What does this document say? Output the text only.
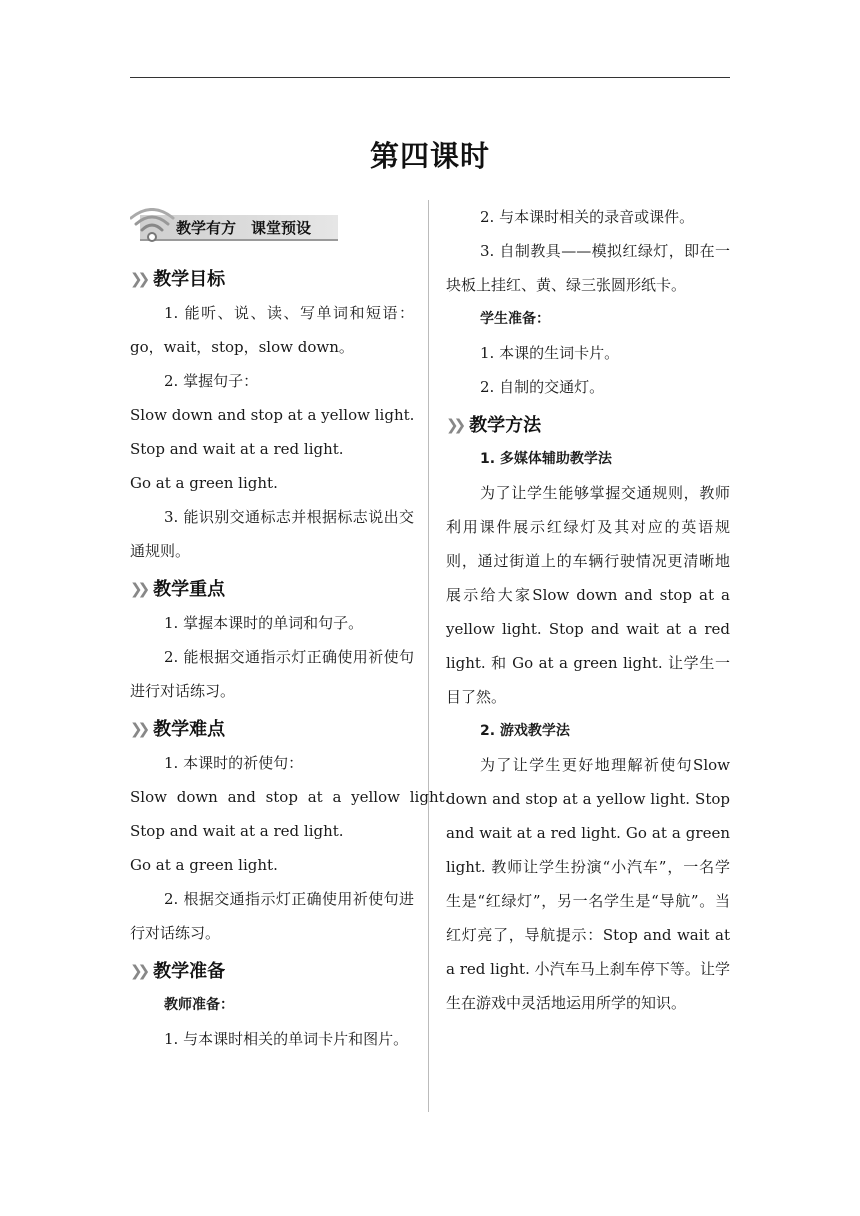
第四课时
教学有方　课堂预设
❯❯ 教学目标

1. 能听、说、读、写单词和短语：go，wait，stop，slow down。

2. 掌握句子：

Slow down and stop at a yellow light.

Stop and wait at a red light.

Go at a green light.

3. 能识别交通标志并根据标志说出交通规则。

❯❯ 教学重点

1. 掌握本课时的单词和句子。

2. 能根据交通指示灯正确使用祈使句进行对话练习。

❯❯ 教学难点

1. 本课时的祈使句：

Slow down and stop at a yellow light.

Stop and wait at a red light.

Go at a green light.

2. 根据交通指示灯正确使用祈使句进行对话练习。

❯❯ 教学准备

教师准备：

1. 与本课时相关的单词卡片和图片。

2. 与本课时相关的录音或课件。

3. 自制教具——模拟红绿灯，即在一块板上挂红、黄、绿三张圆形纸卡。

学生准备：

1. 本课的生词卡片。

2. 自制的交通灯。

❯❯ 教学方法

1. 多媒体辅助教学法

为了让学生能够掌握交通规则，教师利用课件展示红绿灯及其对应的英语规则，通过街道上的车辆行驶情况更清晰地展示给大家Slow down and stop at a yellow light. Stop and wait at a red light. 和 Go at a green light. 让学生一目了然。

2. 游戏教学法

为了让学生更好地理解祈使句Slow down and stop at a yellow light. Stop and wait at a red light. Go at a green light. 教师让学生扮演“小汽车”，一名学生是“红绿灯”，另一名学生是“导航”。当红灯亮了，导航提示：Stop and wait at a red light. 小汽车马上刹车停下等。让学生在游戏中灵活地运用所学的知识。
